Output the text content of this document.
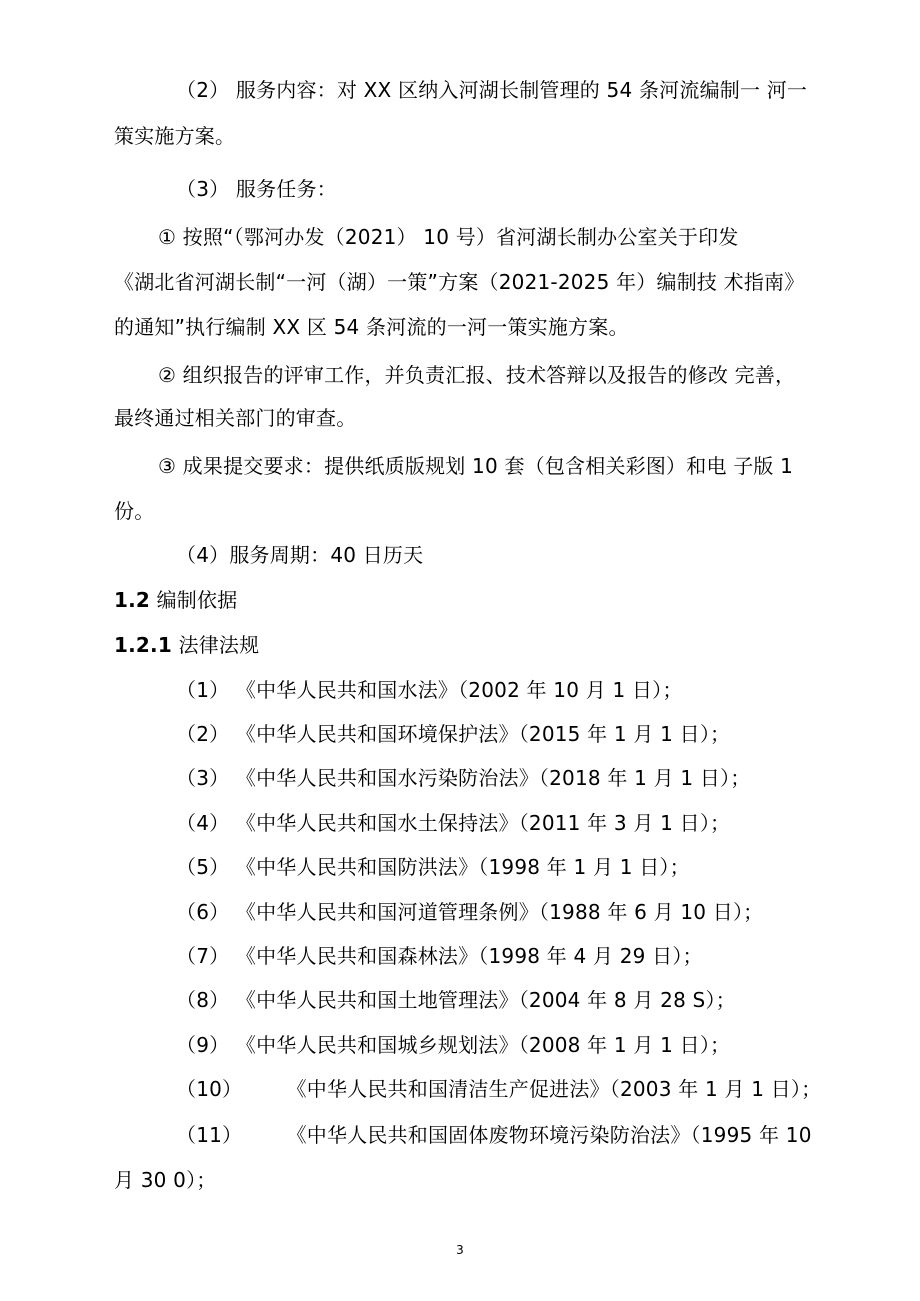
（2） 服务内容：对 XX 区纳入河湖长制管理的 54 条河流编制一 河一
策实施方案。
（3） 服务任务：
① 按照“（鄂河办发（2021） 10 号）省河湖长制办公室关于印发
《湖北省河湖长制“一河（湖）一策”方案（2021-2025 年）编制技 术指南》
的通知”执行编制 XX 区 54 条河流的一河一策实施方案。
② 组织报告的评审工作，并负责汇报、技术答辩以及报告的修改 完善，
最终通过相关部门的审查。
③ 成果提交要求：提供纸质版规划 10 套（包含相关彩图）和电 子版 1
份。
（4）服务周期：40 日历天
1.2 编制依据
1.2.1 法律法规
（1） 《中华人民共和国水法》（2002 年 10 月 1 日）；
（2） 《中华人民共和国环境保护法》（2015 年 1 月 1 日）；
（3） 《中华人民共和国水污染防治法》（2018 年 1 月 1 日）；
（4） 《中华人民共和国水土保持法》（2011 年 3 月 1 日）；
（5） 《中华人民共和国防洪法》（1998 年 1 月 1 日）；
（6） 《中华人民共和国河道管理条例》（1988 年 6 月 10 日）；
（7） 《中华人民共和国森林法》（1998 年 4 月 29 日）；
（8） 《中华人民共和国土地管理法》（2004 年 8 月 28 S）；
（9） 《中华人民共和国城乡规划法》（2008 年 1 月 1 日）；
（10） 《中华人民共和国清洁生产促进法》（2003 年 1 月 1 日）；
（11） 《中华人民共和国固体废物环境污染防治法》（1995 年 10
月 30 0）；
3
